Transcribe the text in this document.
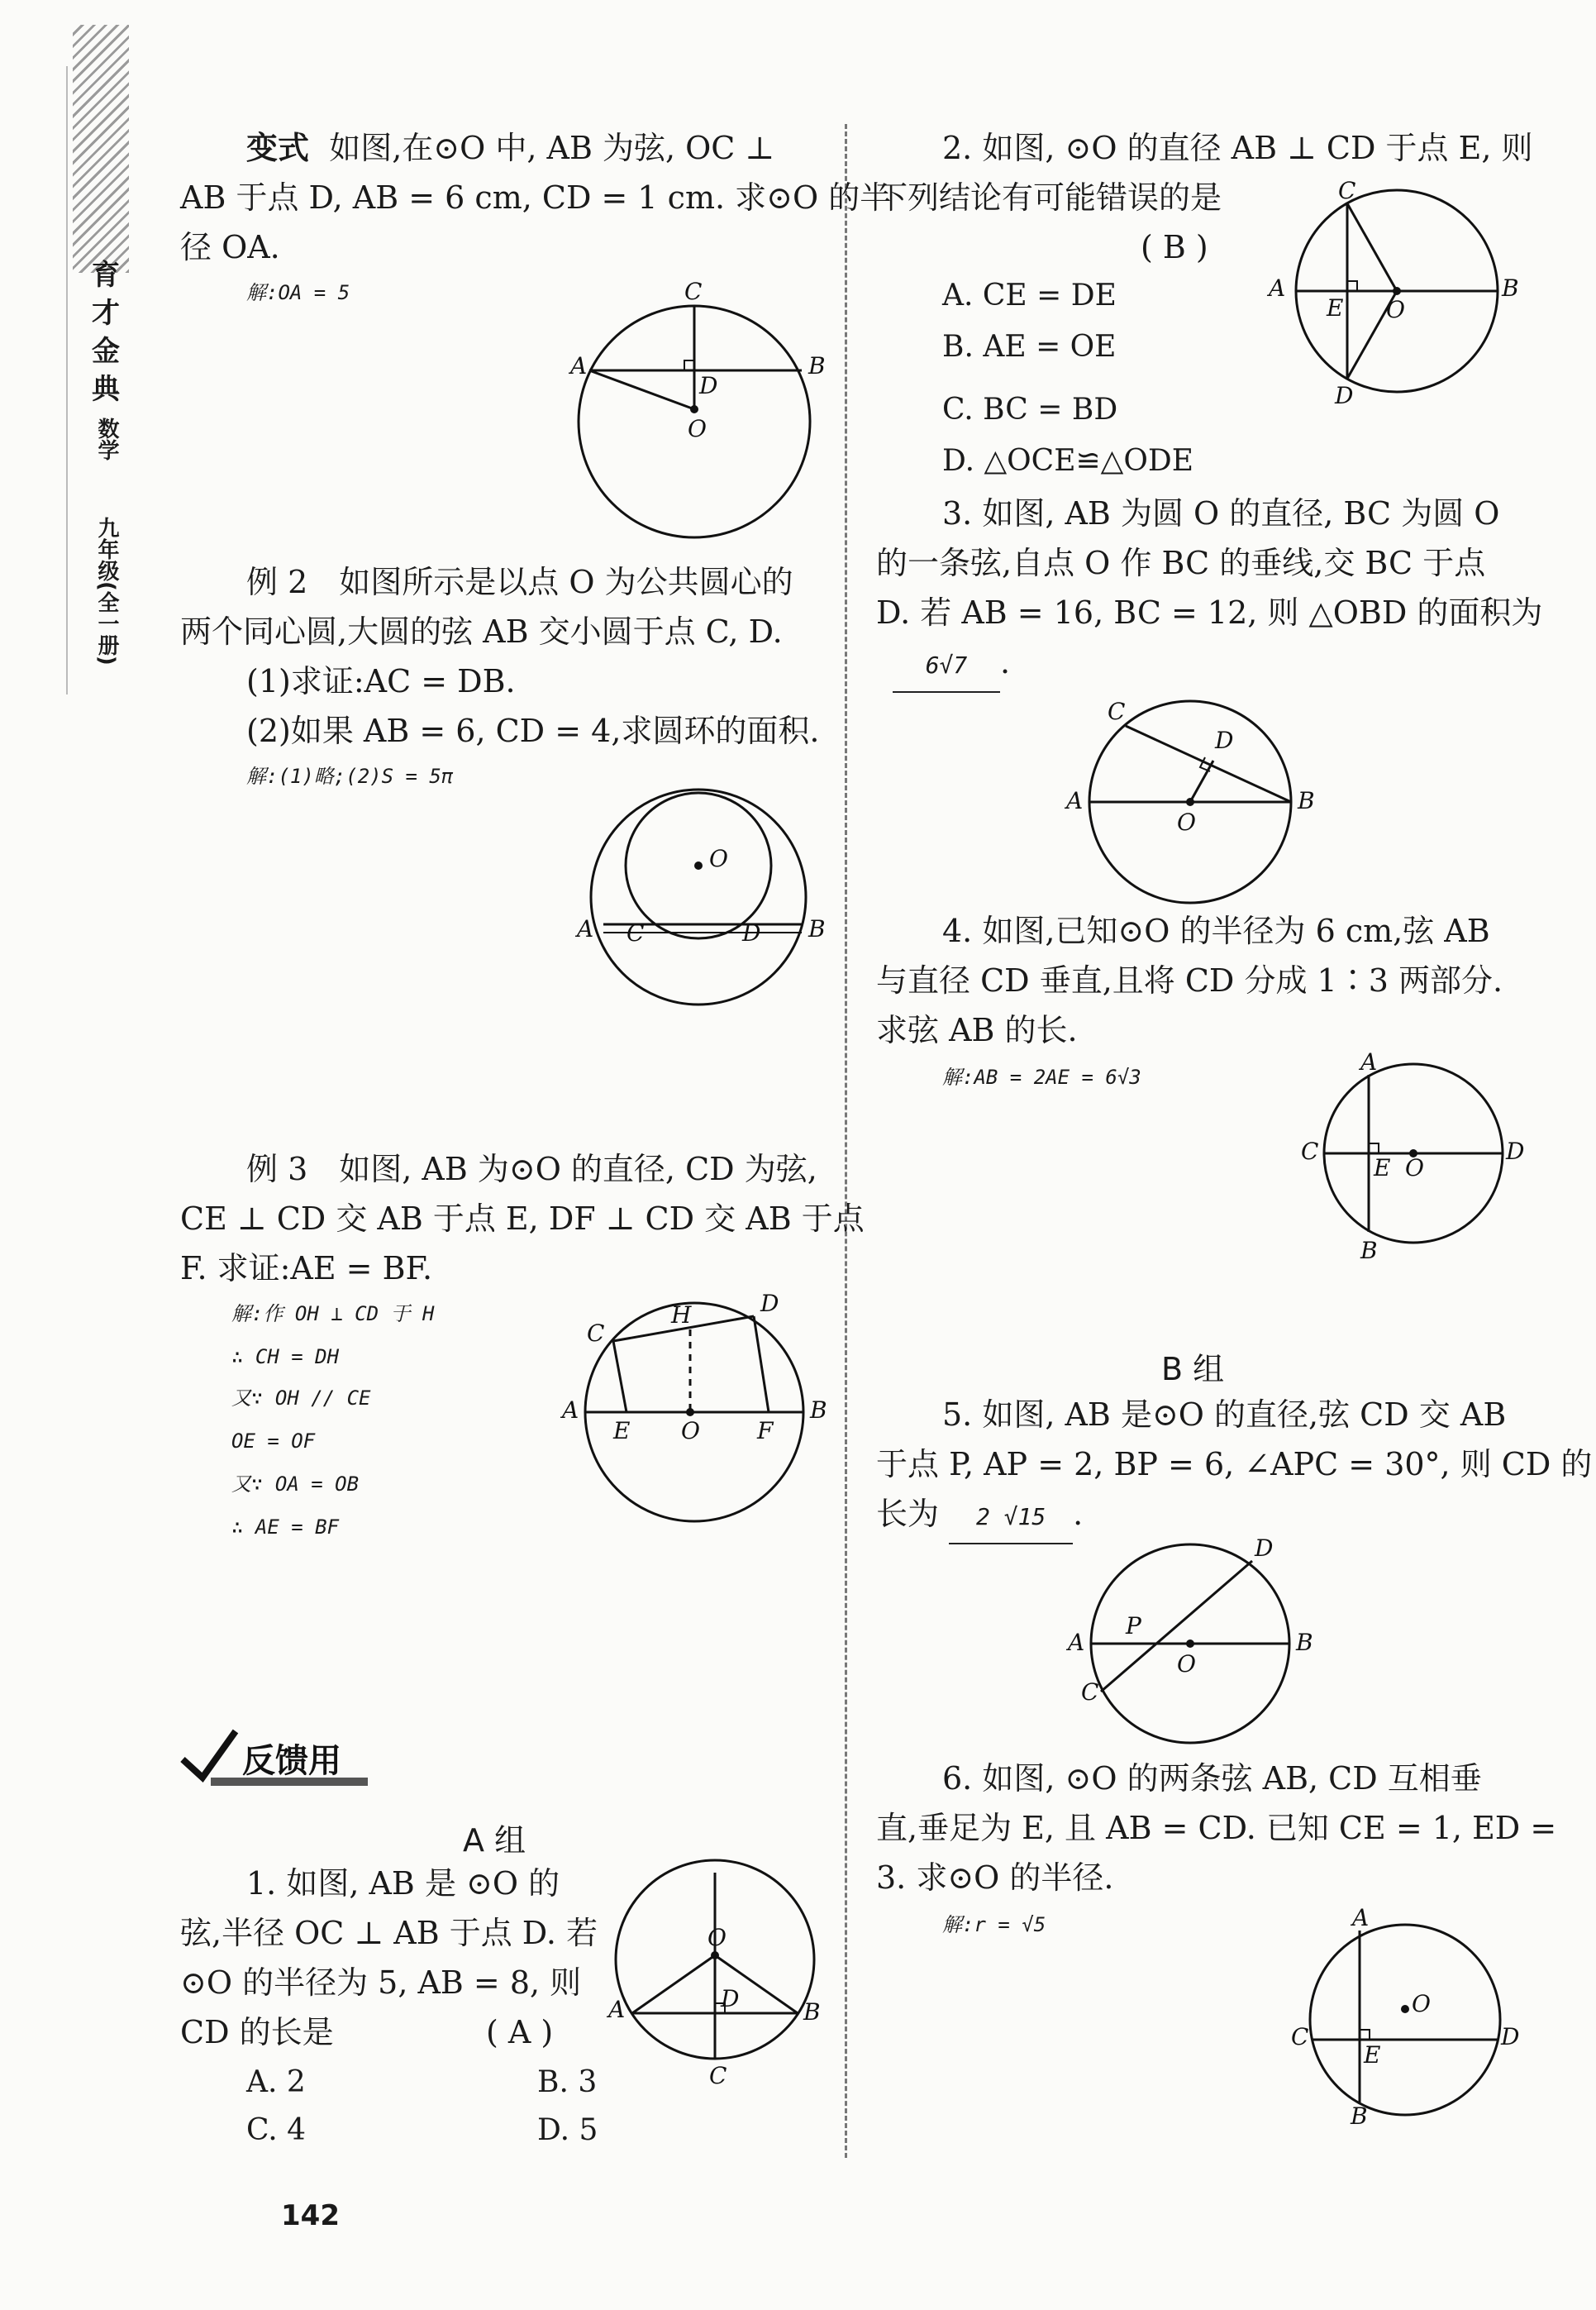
育
才
金
典
数学
九年级(全一册)
变式 如图,在⊙O 中, AB 为弦, OC ⊥
AB 于点 D, AB = 6 cm, CD = 1 cm. 求⊙O 的半
径 OA.
解:OA = 5
A	B
C
D
O
例 2　如图所示是以点 O 为公共圆心的
两个同心圆,大圆的弦 AB 交小圆于点 C, D.
(1)求证:AC = DB.
(2)如果 AB = 6, CD = 4,求圆环的面积.
解:(1)略;(2)S = 5π
O
A C	D B
例 3　如图, AB 为⊙O 的直径, CD 为弦,
CE ⊥ CD 交 AB 于点 E, DF ⊥ CD 交 AB 于点
F. 求证:AE = BF.
解:作 OH ⊥ CD 于 H
∴ CH = DH
又∵ OH // CE
OE = OF
又∵ OA = OB
∴ AE = BF
A	B
C
D
E	F
H
O
反馈用
A 组
1. 如图, AB 是 ⊙O 的
弦,半径 OC ⊥ AB 于点 D. 若
⊙O 的半径为 5, AB = 8, 则
CD 的长是	( A )
A. 2	B. 3
C. 4	D. 5
O
A	B
C
D
2. 如图, ⊙O 的直径 AB ⊥ CD 于点 E, 则
下列结论有可能错误的是
( B )
A. CE = DE
B. AE = OE
C. BC = BD
D. △OCE≌△ODE
A	B
C
D
E O
3. 如图, AB 为圆 O 的直径, BC 为圆 O
的一条弦,自点 O 作 BC 的垂线,交 BC 于点
D. 若 AB = 16, BC = 12, 则 △OBD 的面积为
6√7 .
A	B
C
D
O
4. 如图,已知⊙O 的半径为 6 cm,弦 AB
与直径 CD 垂直,且将 CD 分成 1∶3 两部分.
求弦 AB 的长.
解:AB = 2AE = 6√3
A
B
C	D
E O
B 组
5. 如图, AB 是⊙O 的直径,弦 CD 交 AB
于点 P, AP = 2, BP = 6, ∠APC = 30°, 则 CD 的
长为 2 √15 .
A	B
C
D
P
O
6. 如图, ⊙O 的两条弦 AB, CD 互相垂
直,垂足为 E, 且 AB = CD. 已知 CE = 1, ED =
3. 求⊙O 的半径.
解:r = √5	A
B
C	D
E
O
142
